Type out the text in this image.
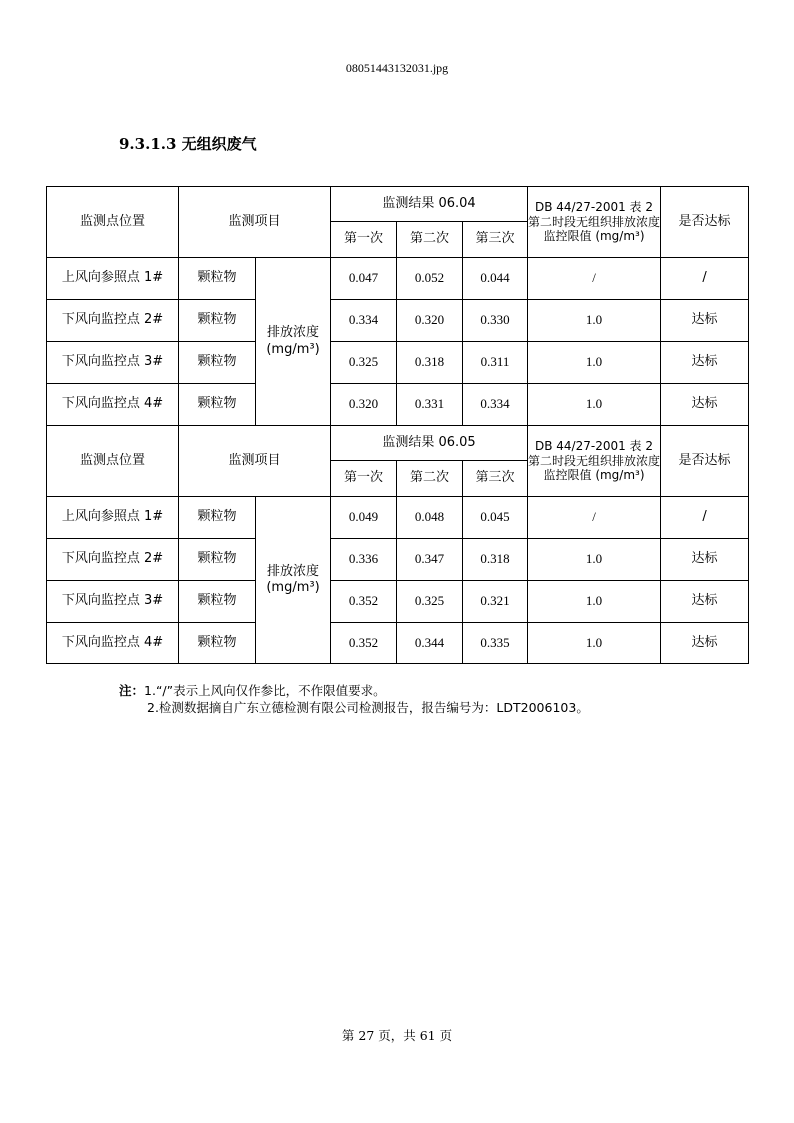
08051443132031.jpg
9.3.1.3 无组织废气
监测点位置	监测项目		监测结果 06.04			DB 44/27-2001 表 2 第二时段无组织排放浓度监控限值 (mg/m³)	是否达标
			第一次	第二次	第三次		
上风向参照点 1#	颗粒物	排放浓度 (mg/m³)	0.047	0.052	0.044	/	/
下风向监控点 2#	颗粒物		0.334	0.320	0.330	1.0	达标
下风向监控点 3#	颗粒物		0.325	0.318	0.311	1.0	达标
下风向监控点 4#	颗粒物		0.320	0.331	0.334	1.0	达标
监测点位置	监测项目		监测结果 06.05			DB 44/27-2001 表 2 第二时段无组织排放浓度监控限值 (mg/m³)	是否达标
			第一次	第二次	第三次		
上风向参照点 1#	颗粒物	排放浓度 (mg/m³)	0.049	0.048	0.045	/	/
下风向监控点 2#	颗粒物		0.336	0.347	0.318	1.0	达标
下风向监控点 3#	颗粒物		0.352	0.325	0.321	1.0	达标
下风向监控点 4#	颗粒物		0.352	0.344	0.335	1.0	达标
注：1.“/”表示上风向仅作参比，不作限值要求。
2.检测数据摘自广东立德检测有限公司检测报告，报告编号为：LDT2006103。
第 27 页，共 61 页
